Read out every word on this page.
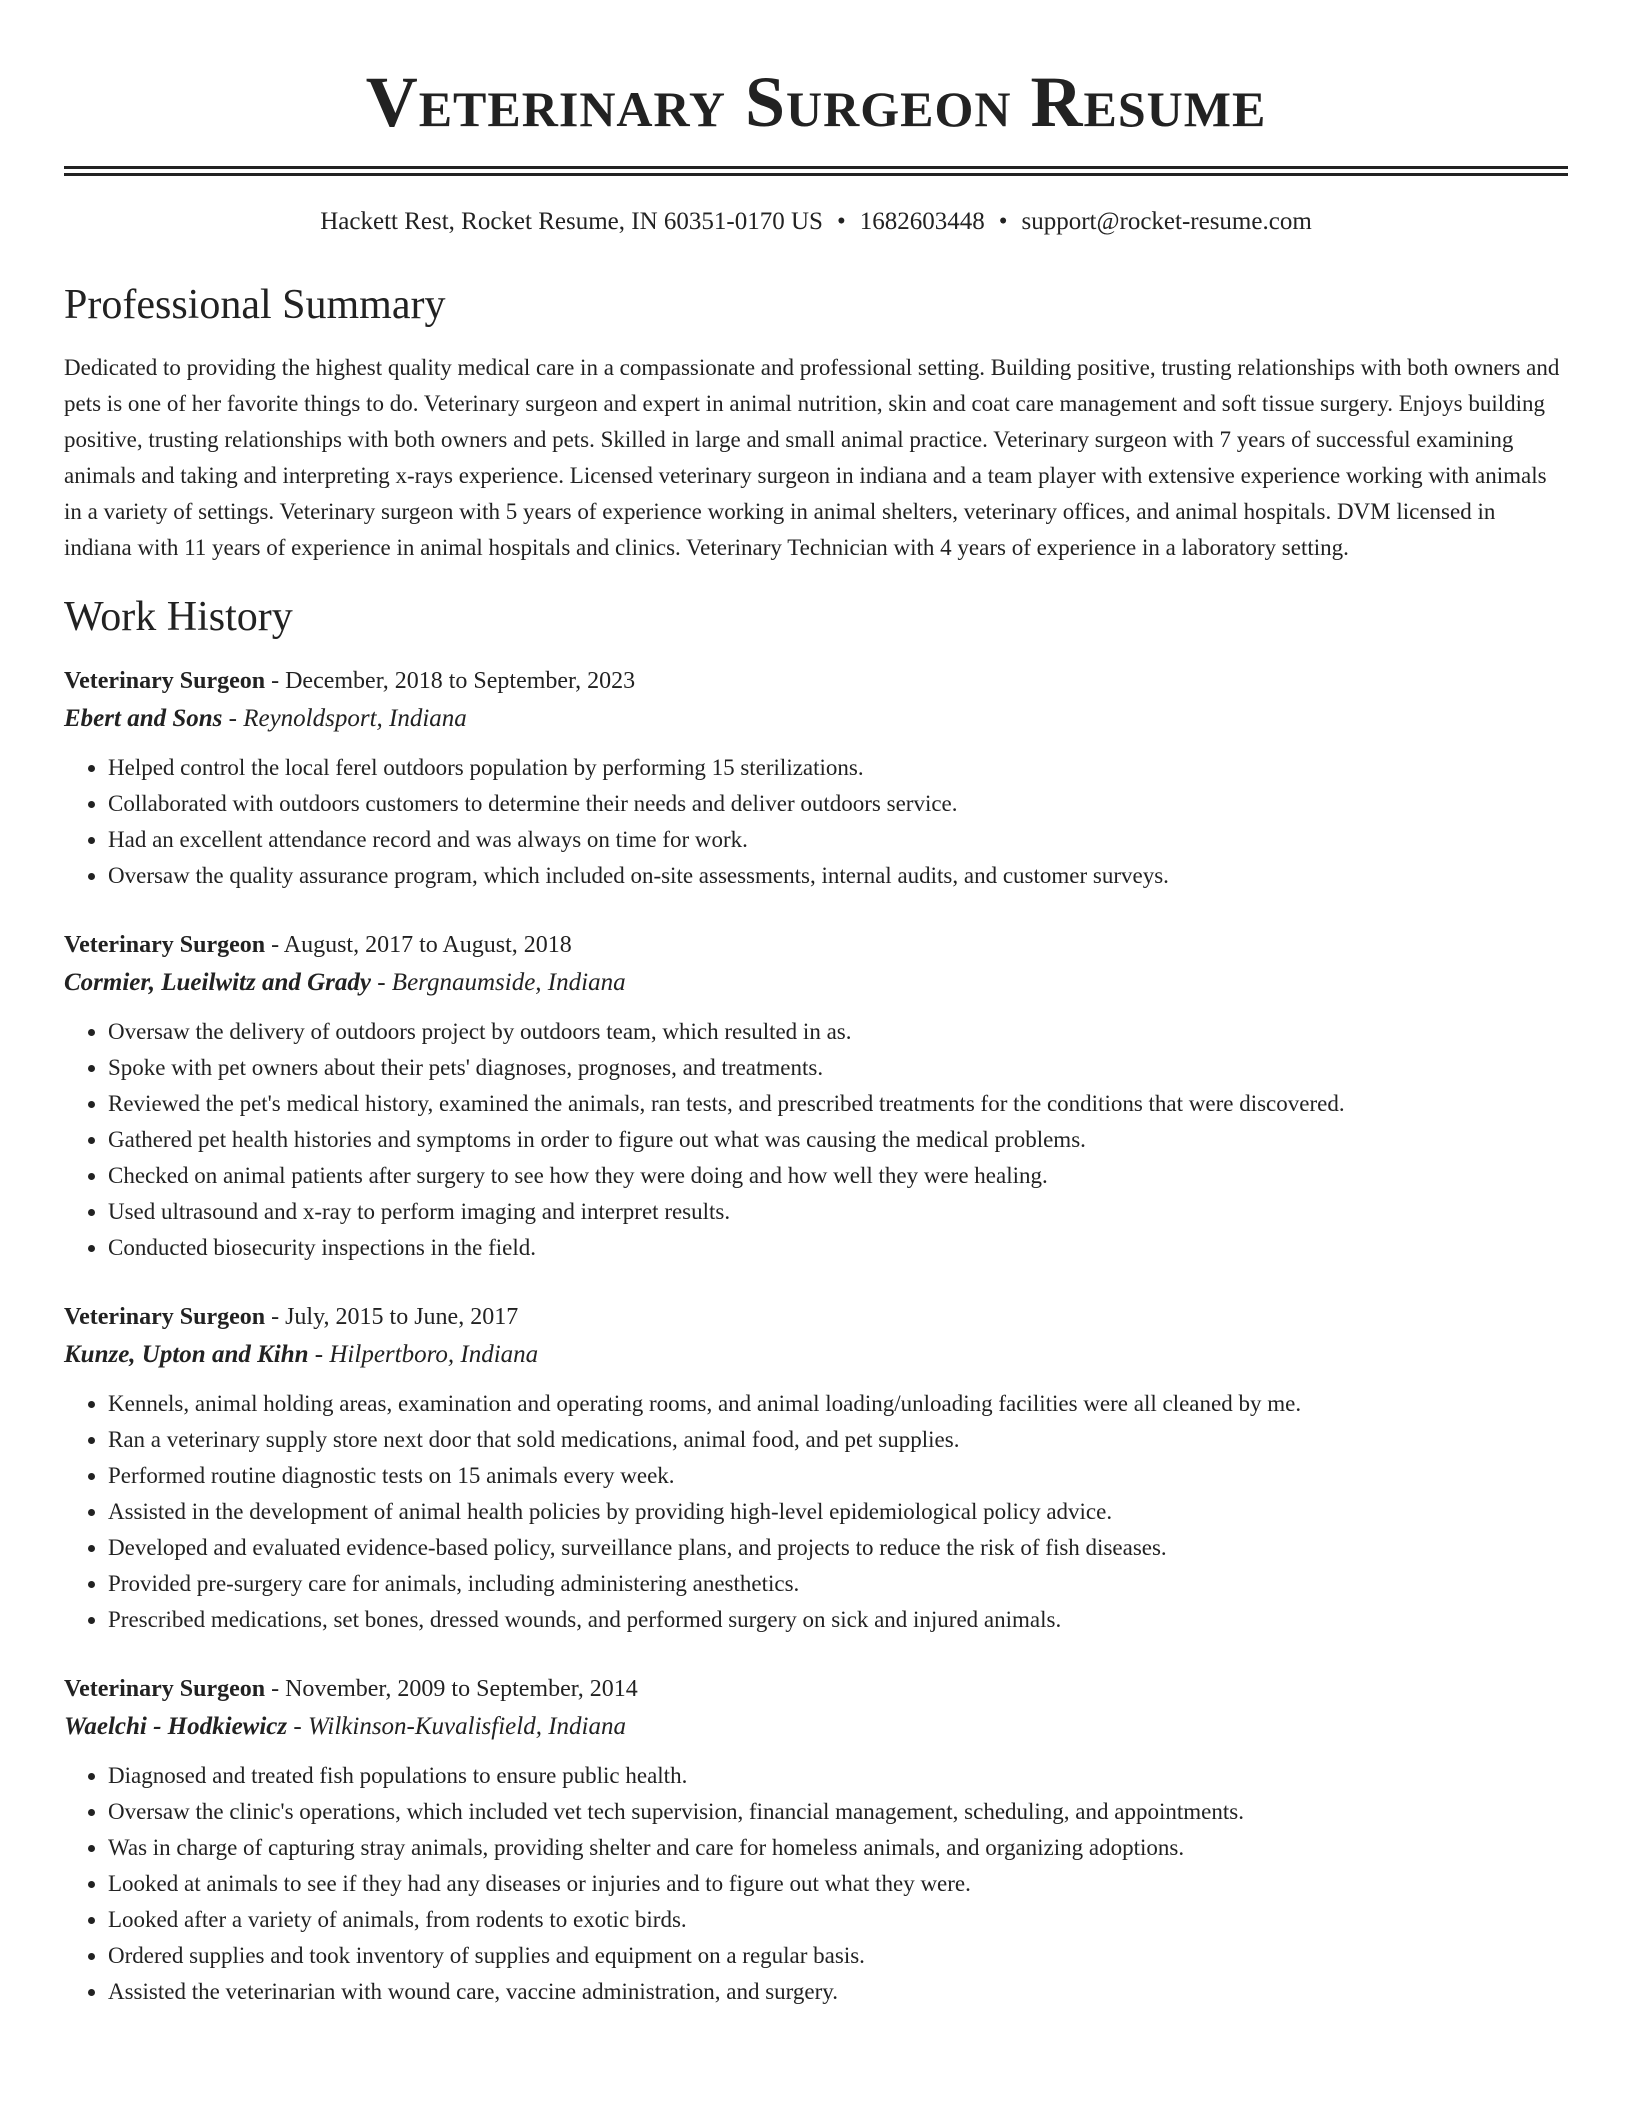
Veterinary Surgeon Resume
Hackett Rest, Rocket Resume, IN 60351-0170 US • 1682603448 • support@rocket-resume.com
Professional Summary

Dedicated to providing the highest quality medical care in a compassionate and professional setting. Building positive, trusting relationships with both owners and pets is one of her favorite things to do. Veterinary surgeon and expert in animal nutrition, skin and coat care management and soft tissue surgery. Enjoys building positive, trusting relationships with both owners and pets. Skilled in large and small animal practice. Veterinary surgeon with 7 years of successful examining animals and taking and interpreting x-rays experience. Licensed veterinary surgeon in indiana and a team player with extensive experience working with animals in a variety of settings. Veterinary surgeon with 5 years of experience working in animal shelters, veterinary offices, and animal hospitals. DVM licensed in indiana with 11 years of experience in animal hospitals and clinics. Veterinary Technician with 4 years of experience in a laboratory setting.

Work History
Veterinary Surgeon - December, 2018 to September, 2023
Ebert and Sons - Reynoldsport, Indiana
• Helped control the local ferel outdoors population by performing 15 sterilizations.
• Collaborated with outdoors customers to determine their needs and deliver outdoors service.
• Had an excellent attendance record and was always on time for work.
• Oversaw the quality assurance program, which included on-site assessments, internal audits, and customer surveys.
Veterinary Surgeon - August, 2017 to August, 2018
Cormier, Lueilwitz and Grady - Bergnaumside, Indiana
• Oversaw the delivery of outdoors project by outdoors team, which resulted in as.
• Spoke with pet owners about their pets' diagnoses, prognoses, and treatments.
• Reviewed the pet's medical history, examined the animals, ran tests, and prescribed treatments for the conditions that were discovered.
• Gathered pet health histories and symptoms in order to figure out what was causing the medical problems.
• Checked on animal patients after surgery to see how they were doing and how well they were healing.
• Used ultrasound and x-ray to perform imaging and interpret results.
• Conducted biosecurity inspections in the field.
Veterinary Surgeon - July, 2015 to June, 2017
Kunze, Upton and Kihn - Hilpertboro, Indiana
• Kennels, animal holding areas, examination and operating rooms, and animal loading/unloading facilities were all cleaned by me.
• Ran a veterinary supply store next door that sold medications, animal food, and pet supplies.
• Performed routine diagnostic tests on 15 animals every week.
• Assisted in the development of animal health policies by providing high-level epidemiological policy advice.
• Developed and evaluated evidence-based policy, surveillance plans, and projects to reduce the risk of fish diseases.
• Provided pre-surgery care for animals, including administering anesthetics.
• Prescribed medications, set bones, dressed wounds, and performed surgery on sick and injured animals.
Veterinary Surgeon - November, 2009 to September, 2014
Waelchi - Hodkiewicz - Wilkinson-Kuvalisfield, Indiana
• Diagnosed and treated fish populations to ensure public health.
• Oversaw the clinic's operations, which included vet tech supervision, financial management, scheduling, and appointments.
• Was in charge of capturing stray animals, providing shelter and care for homeless animals, and organizing adoptions.
• Looked at animals to see if they had any diseases or injuries and to figure out what they were.
• Looked after a variety of animals, from rodents to exotic birds.
• Ordered supplies and took inventory of supplies and equipment on a regular basis.
• Assisted the veterinarian with wound care, vaccine administration, and surgery.
